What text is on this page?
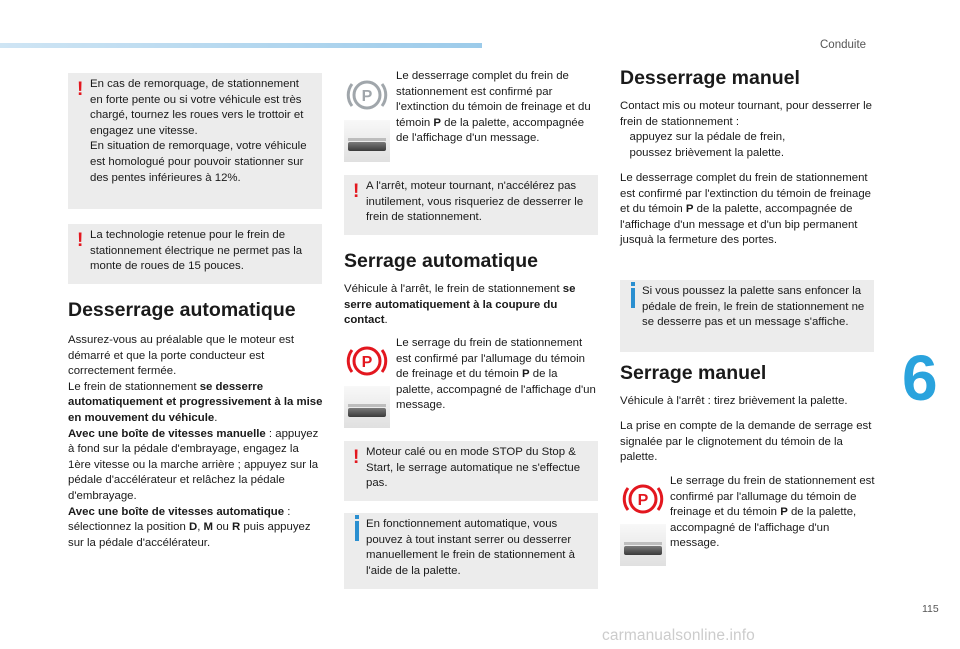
Conduite
6
115
carmanualsonline.info
! En cas de remorquage, de stationnement en forte pente ou si votre véhicule est très chargé, tournez les roues vers le trottoir et engagez une vitesse.
En situation de remorquage, votre véhicule est homologué pour pouvoir stationner sur des pentes inférieures à 12%.
! La technologie retenue pour le frein de stationnement électrique ne permet pas la monte de roues de 15 pouces.
Desserrage automatique
Assurez-vous au préalable que le moteur est démarré et que la porte conducteur est correctement fermée.
Le frein de stationnement se desserre automatiquement et progressivement à la mise en mouvement du véhicule.
Avec une boîte de vitesses manuelle : appuyez à fond sur la pédale d'embrayage, engagez la 1ère vitesse ou la marche arrière ; appuyez sur la pédale d'accélérateur et relâchez la pédale d'embrayage.
Avec une boîte de vitesses automatique : sélectionnez la position D, M ou R puis appuyez sur la pédale d'accélérateur.
P
Le desserrage complet du frein de stationnement est confirmé par l'extinction du témoin de freinage et du témoin P de la palette, accompagnée de l'affichage d'un message.
! A l'arrêt, moteur tournant, n'accélérez pas inutilement, vous risqueriez de desserrer le frein de stationnement.
Serrage automatique
Véhicule à l'arrêt, le frein de stationnement se serre automatiquement à la coupure du contact.
P
Le serrage du frein de stationnement est confirmé par l'allumage du témoin de freinage et du témoin P de la palette, accompagné de l'affichage d'un message.
! Moteur calé ou en mode STOP du Stop & Start, le serrage automatique ne s'effectue pas.
En fonctionnement automatique, vous pouvez à tout instant serrer ou desserrer manuellement le frein de stationnement à l'aide de la palette.
Desserrage manuel
Contact mis ou moteur tournant, pour desserrer le frein de stationnement :
appuyez sur la pédale de frein,
poussez brièvement la palette.
Le desserrage complet du frein de stationnement est confirmé par l'extinction du témoin de freinage et du témoin P de la palette, accompagnée de l'affichage d'un message et d'un bip permanent jusquà la fermeture des portes.
Si vous poussez la palette sans enfoncer la pédale de frein, le frein de stationnement ne se desserre pas et un message s'affiche.
Serrage manuel
Véhicule à l'arrêt : tirez brièvement la palette.
La prise en compte de la demande de serrage est signalée par le clignotement du témoin de la palette.
P
Le serrage du frein de stationnement est confirmé par l'allumage du témoin de freinage et du témoin P de la palette, accompagné de l'affichage d'un message.
